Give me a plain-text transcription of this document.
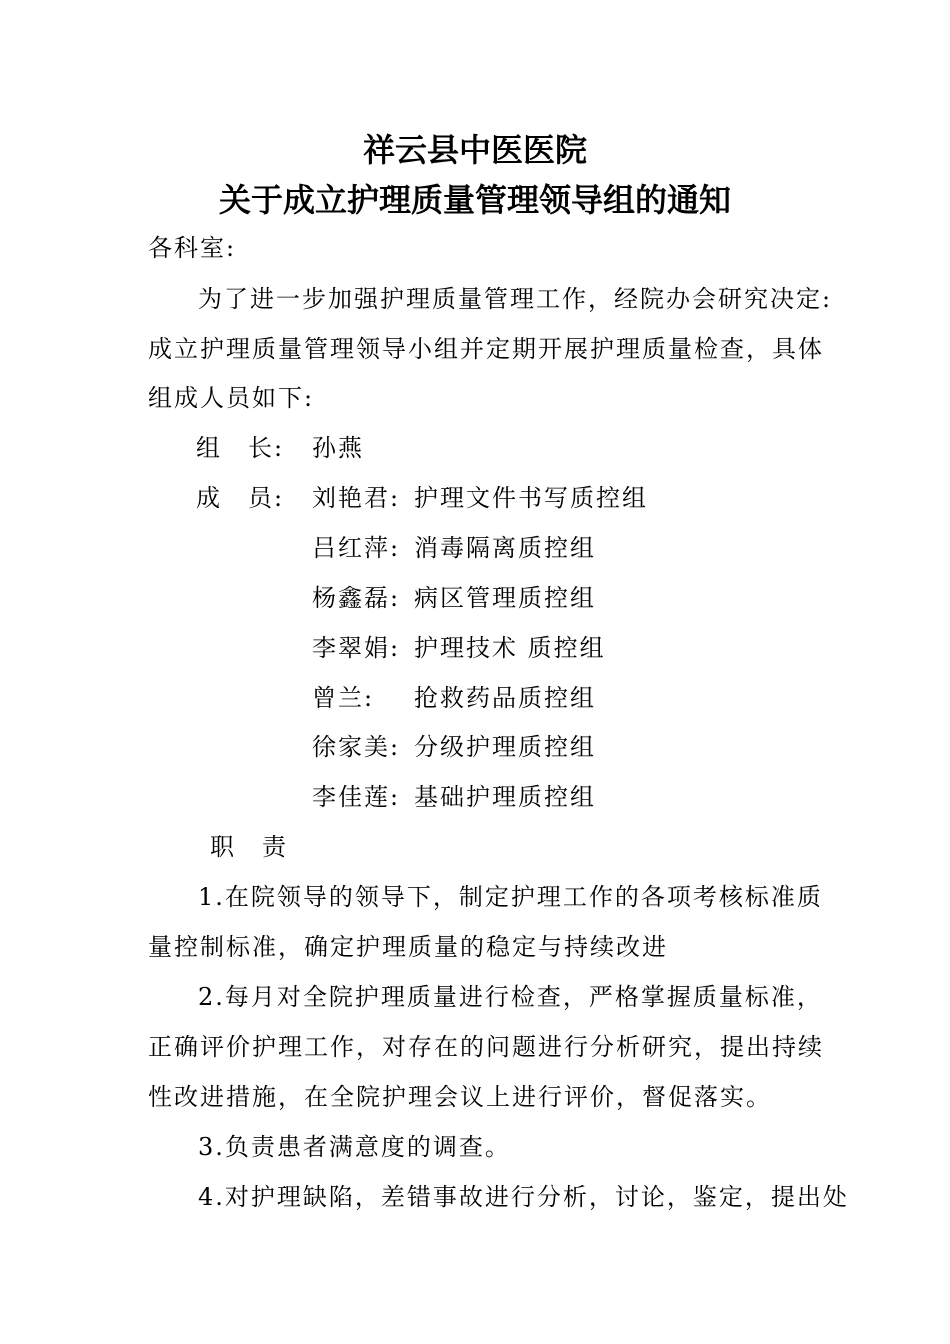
祥云县中医医院
关于成立护理质量管理领导组的通知
各科室:
为了进一步加强护理质量管理工作，经院办会研究决定:
成立护理质量管理领导小组并定期开展护理质量检查，具体
组成人员如下:
组　长: 孙燕
成　员: 刘艳君: 护理文件书写质控组
吕红萍: 消毒隔离质控组
杨鑫磊: 病区管理质控组
李翠娟: 护理技术 质控组
曾兰: 抢救药品质控组
徐家美: 分级护理质控组
李佳莲: 基础护理质控组
职　责
1.在院领导的领导下，制定护理工作的各项考核标准质
量控制标准，确定护理质量的稳定与持续改进
2.每月对全院护理质量进行检查，严格掌握质量标准，
正确评价护理工作，对存在的问题进行分析研究，提出持续
性改进措施，在全院护理会议上进行评价，督促落实。
3.负责患者满意度的调查。
4.对护理缺陷，差错事故进行分析，讨论，鉴定，提出处
